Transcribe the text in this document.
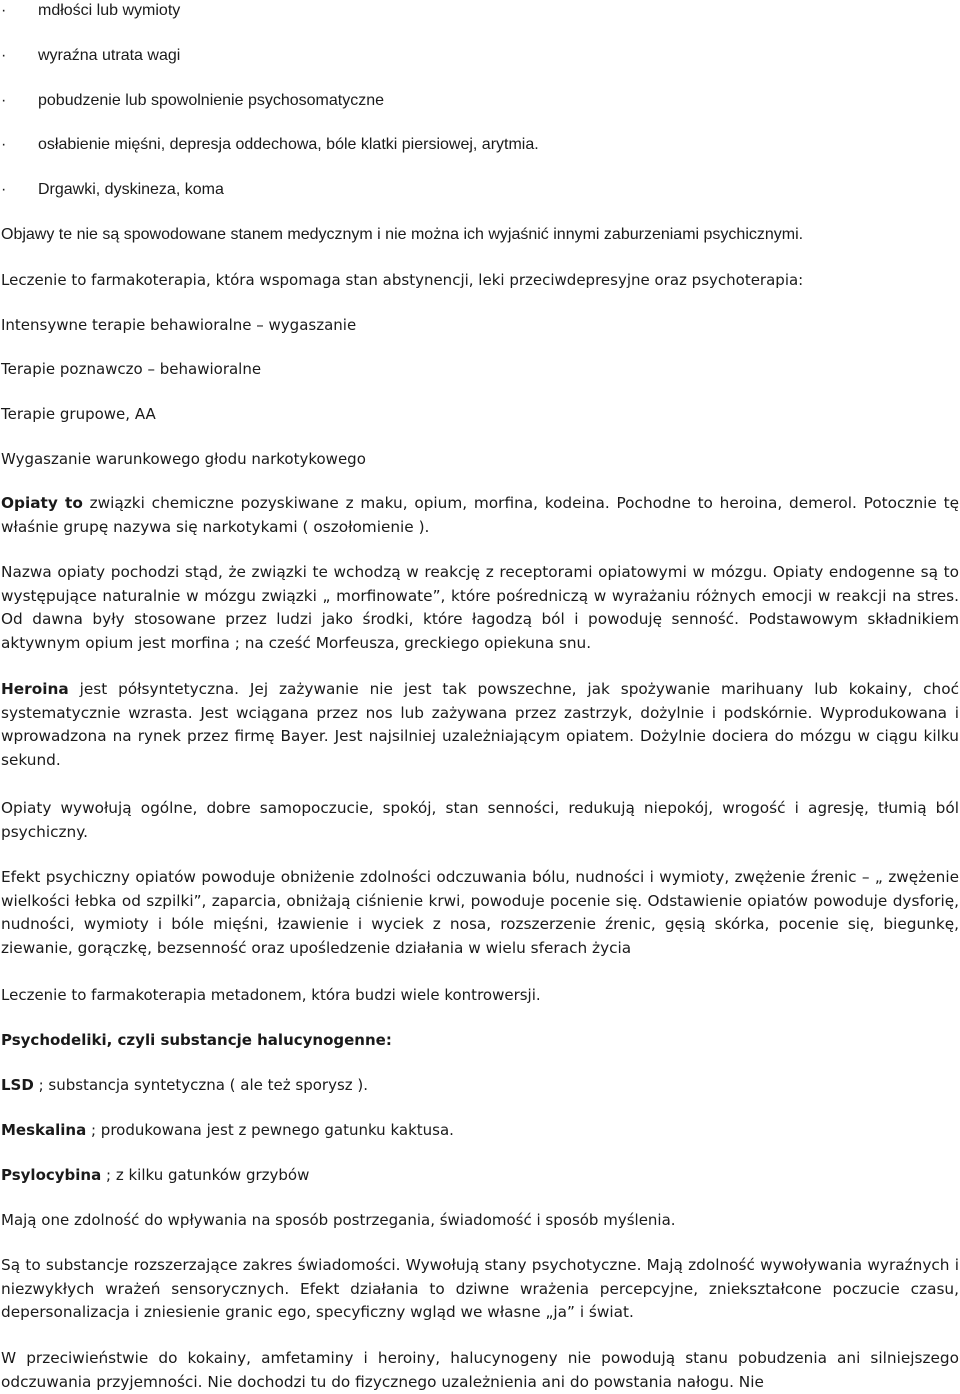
· mdłości lub wymioty
· wyraźna utrata wagi
· pobudzenie lub spowolnienie psychosomatyczne
· osłabienie mięśni, depresja oddechowa, bóle klatki piersiowej, arytmia.
· Drgawki, dyskineza, koma
Objawy te nie są spowodowane stanem medycznym i nie można ich wyjaśnić innymi zaburzeniami psychicznymi.
Leczenie to farmakoterapia, która wspomaga stan abstynencji, leki przeciwdepresyjne oraz psychoterapia:
Intensywne terapie behawioralne – wygaszanie
Terapie poznawczo – behawioralne
Terapie grupowe, AA
Wygaszanie warunkowego głodu narkotykowego

Opiaty to związki chemiczne pozyskiwane z maku, opium, morfina, kodeina. Pochodne to heroina, demerol. Potocznie tę właśnie grupę nazywa się narkotykami ( oszołomienie ).

Nazwa opiaty pochodzi stąd, że związki te wchodzą w reakcję z receptorami opiatowymi w mózgu. Opiaty endogenne są to występujące naturalnie w mózgu związki „ morfinowate”, które pośredniczą w wyrażaniu różnych emocji w reakcji na stres. Od dawna były stosowane przez ludzi jako środki, które łagodzą ból i powoduję senność. Podstawowym składnikiem aktywnym opium jest morfina ; na cześć Morfeusza, greckiego opiekuna snu.

Heroina jest półsyntetyczna. Jej zażywanie nie jest tak powszechne, jak spożywanie marihuany lub kokainy, choć systematycznie wzrasta. Jest wciągana przez nos lub zażywana przez zastrzyk, dożylnie i podskórnie. Wyprodukowana i wprowadzona na rynek przez firmę Bayer. Jest najsilniej uzależniającym opiatem. Dożylnie dociera do mózgu w ciągu kilku sekund.

Opiaty wywołują ogólne, dobre samopoczucie, spokój, stan senności, redukują niepokój, wrogość i agresję, tłumią ból psychiczny.

Efekt psychiczny opiatów powoduje obniżenie zdolności odczuwania bólu, nudności i wymioty, zwężenie źrenic – „ zwężenie wielkości łebka od szpilki”, zaparcia, obniżają ciśnienie krwi, powoduje pocenie się. Odstawienie opiatów powoduje dysforię, nudności, wymioty i bóle mięśni, łzawienie i wyciek z nosa, rozszerzenie źrenic, gęsią skórka, pocenie się, biegunkę, ziewanie, gorączkę, bezsenność oraz upośledzenie działania w wielu sferach życia

Leczenie to farmakoterapia metadonem, która budzi wiele kontrowersji.
Psychodeliki, czyli substancje halucynogenne:
LSD ; substancja syntetyczna ( ale też sporysz ).
Meskalina ; produkowana jest z pewnego gatunku kaktusa.
Psylocybina ; z kilku gatunków grzybów
Mają one zdolność do wpływania na sposób postrzegania, świadomość i sposób myślenia.

Są to substancje rozszerzające zakres świadomości. Wywołują stany psychotyczne. Mają zdolność wywoływania wyraźnych i niezwykłych wrażeń sensorycznych. Efekt działania to dziwne wrażenia percepcyjne, zniekształcone poczucie czasu, depersonalizacja i zniesienie granic ego, specyficzny wgląd we własne „ja” i świat.

W przeciwieństwie do kokainy, amfetaminy i heroiny, halucynogeny nie powodują stanu pobudzenia ani silniejszego odczuwania przyjemności. Nie dochodzi tu do fizycznego uzależnienia ani do powstania nałogu. Nie
